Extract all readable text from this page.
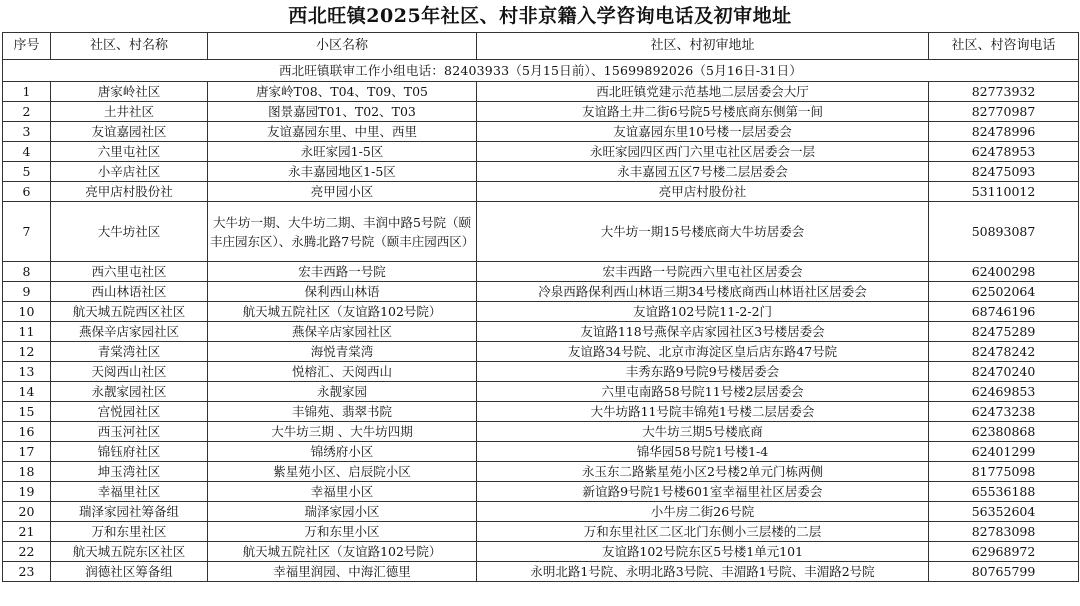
西北旺镇2025年社区、村非京籍入学咨询电话及初审地址
序号	社区、村名称	小区名称	社区、村初审地址	社区、村咨询电话
西北旺镇联审工作小组电话：82403933（5月15日前）、15699892026（5月16日-31日）				
1	唐家岭社区	唐家岭T08、T04、T09、T05	西北旺镇党建示范基地二层居委会大厅	82773932
2	土井社区	图景嘉园T01、T02、T03	友谊路土井二街6号院5号楼底商东侧第一间	82770987
3	友谊嘉园社区	友谊嘉园东里、中里、西里	友谊嘉园东里10号楼一层居委会	82478996
4	六里屯社区	永旺家园1-5区	永旺家园四区西门六里屯社区居委会一层	62478953
5	小辛店社区	永丰嘉园地区1-5区	永丰嘉园五区7号楼二层居委会	82475093
6	亮甲店村股份社	亮甲园小区	亮甲店村股份社	53110012
7	大牛坊社区	大牛坊一期、大牛坊二期、丰润中路5号院（颐丰庄园东区）、永腾北路7号院（颐丰庄园西区）	大牛坊一期15号楼底商大牛坊居委会	50893087
8	西六里屯社区	宏丰西路一号院	宏丰西路一号院西六里屯社区居委会	62400298
9	西山林语社区	保利西山林语	冷泉西路保利西山林语三期34号楼底商西山林语社区居委会	62502064
10	航天城五院西区社区	航天城五院社区（友谊路102号院）	友谊路102号院11-2-2门	68746196
11	燕保辛店家园社区	燕保辛店家园社区	友谊路118号燕保辛店家园社区3号楼居委会	82475289
12	青棠湾社区	海悦青棠湾	友谊路34号院、北京市海淀区皇后店东路47号院	82478242
13	天阅西山社区	悦榕汇、天阅西山	丰秀东路9号院9号楼居委会	82470240
14	永靓家园社区	永靓家园	六里屯南路58号院11号楼2层居委会	62469853
15	宫悦园社区	丰锦苑、翡翠书院	大牛坊路11号院丰锦苑1号楼二层居委会	62473238
16	西玉河社区	大牛坊三期 、大牛坊四期	大牛坊三期5号楼底商	62380868
17	锦钰府社区	锦绣府小区	锦华园58号院1号楼1-4	62401299
18	坤玉湾社区	紫星苑小区、启辰院小区	永玉东二路紫星苑小区2号楼2单元门栋两侧	81775098
19	幸福里社区	幸福里小区	新谊路9号院1号楼601室幸福里社区居委会	65536188
20	瑞泽家园社筹备组	瑞泽家园小区	小牛房二街26号院	56352604
21	万和东里社区	万和东里小区	万和东里社区二区北门东侧小三层楼的二层	82783098
22	航天城五院东区社区	航天城五院社区（友谊路102号院）	友谊路102号院东区5号楼1单元101	62968972
23	润德社区筹备组	幸福里润园、中海汇德里	永明北路1号院、永明北路3号院、丰湄路1号院、丰湄路2号院	80765799
